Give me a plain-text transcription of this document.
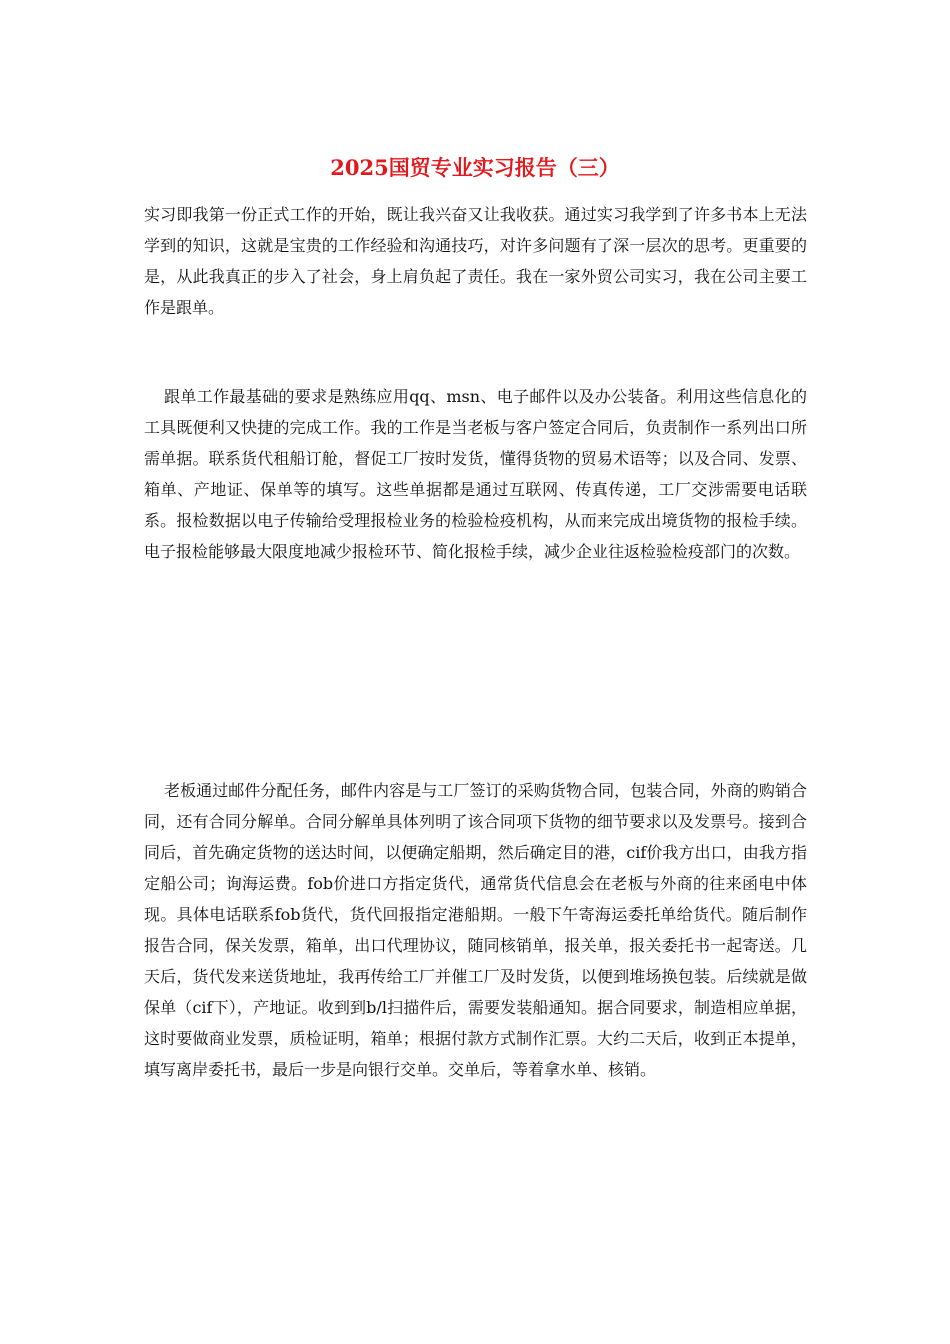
2025国贸专业实习报告（三）

实习即我第一份正式工作的开始，既让我兴奋又让我收获。通过实习我学到了许多书本上无法学到的知识，这就是宝贵的工作经验和沟通技巧，对许多问题有了深一层次的思考。更重要的是，从此我真正的步入了社会，身上肩负起了责任。我在一家外贸公司实习，我在公司主要工作是跟单。

跟单工作最基础的要求是熟练应用qq、msn、电子邮件以及办公装备。利用这些信息化的工具既便利又快捷的完成工作。我的工作是当老板与客户签定合同后，负责制作一系列出口所需单据。联系货代租船订舱，督促工厂按时发货，懂得货物的贸易术语等；以及合同、发票、箱单、产地证、保单等的填写。这些单据都是通过互联网、传真传递，工厂交涉需要电话联系。报检数据以电子传输给受理报检业务的检验检疫机构，从而来完成出境货物的报检手续。电子报检能够最大限度地减少报检环节、简化报检手续，减少企业往返检验检疫部门的次数。

老板通过邮件分配任务，邮件内容是与工厂签订的采购货物合同，包装合同，外商的购销合同，还有合同分解单。合同分解单具体列明了该合同项下货物的细节要求以及发票号。接到合同后，首先确定货物的送达时间，以便确定船期，然后确定目的港，cif价我方出口，由我方指定船公司；询海运费。fob价进口方指定货代，通常货代信息会在老板与外商的往来函电中体现。具体电话联系fob货代，货代回报指定港船期。一般下午寄海运委托单给货代。随后制作报告合同，保关发票，箱单，出口代理协议，随同核销单，报关单，报关委托书一起寄送。几天后，货代发来送货地址，我再传给工厂并催工厂及时发货，以便到堆场换包装。后续就是做保单（cif下），产地证。收到到b/l扫描件后，需要发装船通知。据合同要求，制造相应单据，这时要做商业发票，质检证明，箱单；根据付款方式制作汇票。大约二天后，收到正本提单，填写离岸委托书，最后一步是向银行交单。交单后，等着拿水单、核销。
